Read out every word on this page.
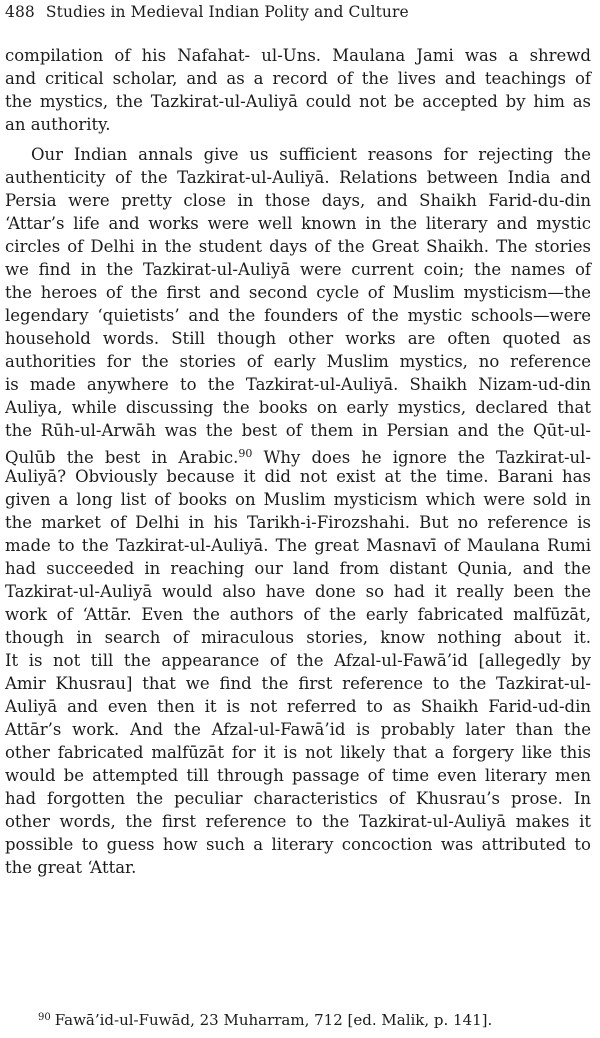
488 Studies in Medieval Indian Polity and Culture
compilation of his Nafahat- ul-Uns. Maulana Jami was a shrewd
and critical scholar, and as a record of the lives and teachings of
the mystics, the Tazkirat-ul-Auliyā could not be accepted by him as
an authority.
Our Indian annals give us sufficient reasons for rejecting the
authenticity of the Tazkirat-ul-Auliyā. Relations between India and
Persia were pretty close in those days, and Shaikh Farid-du-din
‘Attar’s life and works were well known in the literary and mystic
circles of Delhi in the student days of the Great Shaikh. The stories
we find in the Tazkirat-ul-Auliyā were current coin; the names of
the heroes of the first and second cycle of Muslim mysticism—the
legendary ‘quietists’ and the founders of the mystic schools—were
household words. Still though other works are often quoted as
authorities for the stories of early Muslim mystics, no reference
is made anywhere to the Tazkirat-ul-Auliyā. Shaikh Nizam-ud-din
Auliya, while discussing the books on early mystics, declared that
the Rūh-ul-Arwāh was the best of them in Persian and the Qūt-ul-
Qulūb the best in Arabic.$^{90}$ Why does he ignore the Tazkirat-ul-
Auliyā? Obviously because it did not exist at the time. Barani has
given a long list of books on Muslim mysticism which were sold in
the market of Delhi in his Tarikh-i-Firozshahi. But no reference is
made to the Tazkirat-ul-Auliyā. The great Masnavī of Maulana Rumi
had succeeded in reaching our land from distant Qunia, and the
Tazkirat-ul-Auliyā would also have done so had it really been the
work of ‘Attār. Even the authors of the early fabricated malfūzāt,
though in search of miraculous stories, know nothing about it.
It is not till the appearance of the Afzal-ul-Fawā’id [allegedly by
Amir Khusrau] that we find the first reference to the Tazkirat-ul-
Auliyā and even then it is not referred to as Shaikh Farid-ud-din
Attār’s work. And the Afzal-ul-Fawā’id is probably later than the
other fabricated malfūzāt for it is not likely that a forgery like this
would be attempted till through passage of time even literary men
had forgotten the peculiar characteristics of Khusrau’s prose. In
other words, the first reference to the Tazkirat-ul-Auliyā makes it
possible to guess how such a literary concoction was attributed to
the great ‘Attar.
$^{90}$ Fawā’id-ul-Fuwād, 23 Muharram, 712 [ed. Malik, p. 141].
